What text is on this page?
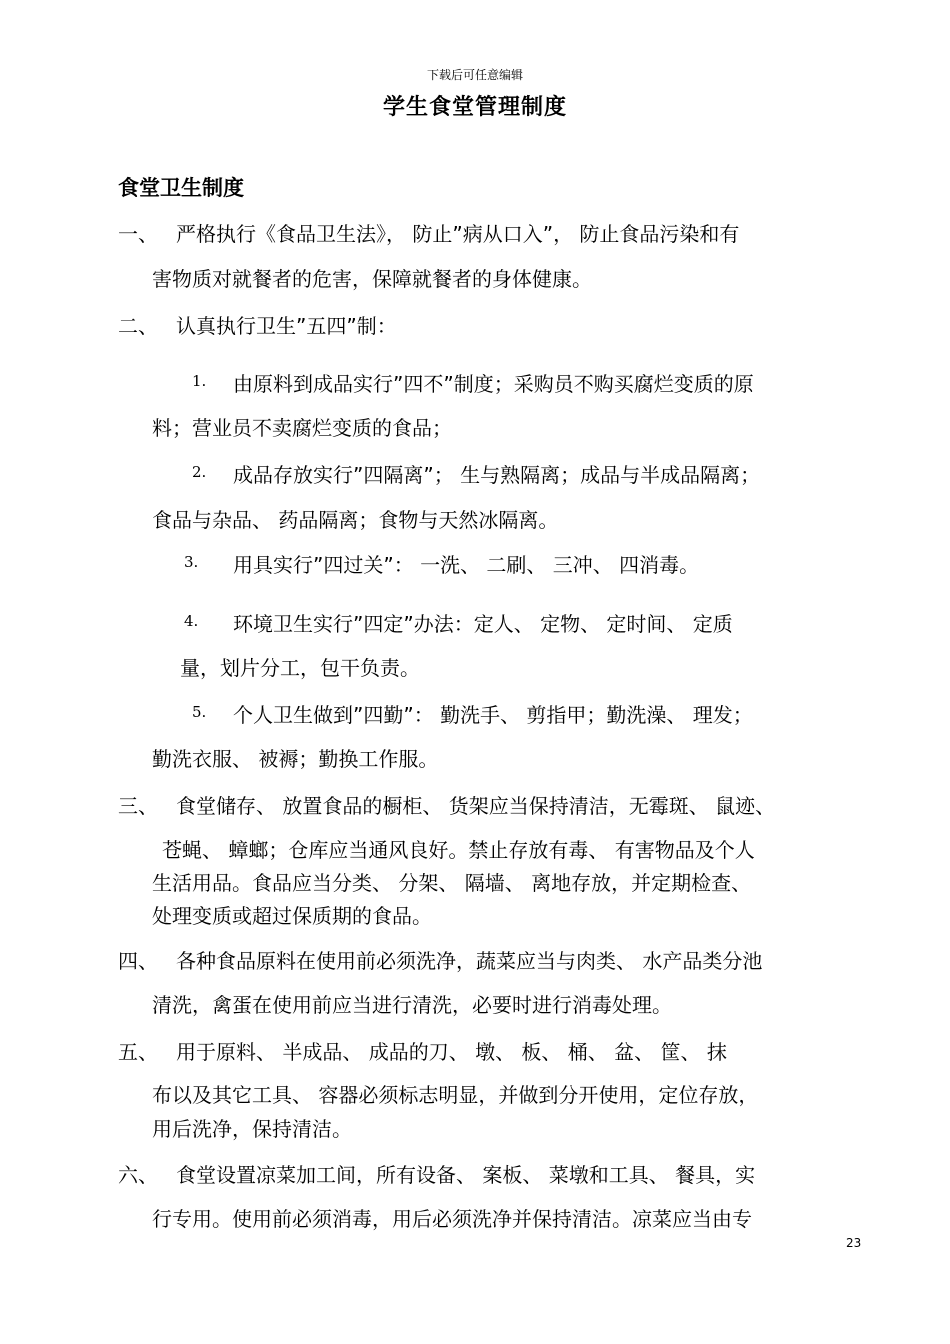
下载后可任意编辑
学生食堂管理制度
食堂卫生制度
一、 严格执行《食品卫生法》， 防止”病从口入”， 防止食品污染和有
害物质对就餐者的危害，保障就餐者的身体健康。
二、 认真执行卫生”五四”制：
1. 由原料到成品实行”四不”制度；采购员不购买腐烂变质的原
料；营业员不卖腐烂变质的食品；
2. 成品存放实行”四隔离”； 生与熟隔离；成品与半成品隔离；
食品与杂品、 药品隔离；食物与天然冰隔离。
3. 用具实行”四过关”： 一洗、 二刷、 三冲、 四消毒。
4. 环境卫生实行”四定”办法：定人、 定物、 定时间、 定质
量，划片分工，包干负责。
5. 个人卫生做到”四勤”： 勤洗手、 剪指甲；勤洗澡、 理发；
勤洗衣服、 被褥；勤换工作服。
三、 食堂储存、 放置食品的橱柜、 货架应当保持清洁，无霉斑、 鼠迹、
苍蝇、 蟑螂；仓库应当通风良好。禁止存放有毒、 有害物品及个人
生活用品。食品应当分类、 分架、 隔墙、 离地存放，并定期检查、
处理变质或超过保质期的食品。
四、 各种食品原料在使用前必须洗净，蔬菜应当与肉类、 水产品类分池
清洗，禽蛋在使用前应当进行清洗，必要时进行消毒处理。
五、 用于原料、 半成品、 成品的刀、 墩、 板、 桶、 盆、 筐、 抹
布以及其它工具、 容器必须标志明显，并做到分开使用，定位存放，
用后洗净，保持清洁。
六、 食堂设置凉菜加工间，所有设备、 案板、 菜墩和工具、 餐具，实
行专用。使用前必须消毒，用后必须洗净并保持清洁。凉菜应当由专
23
